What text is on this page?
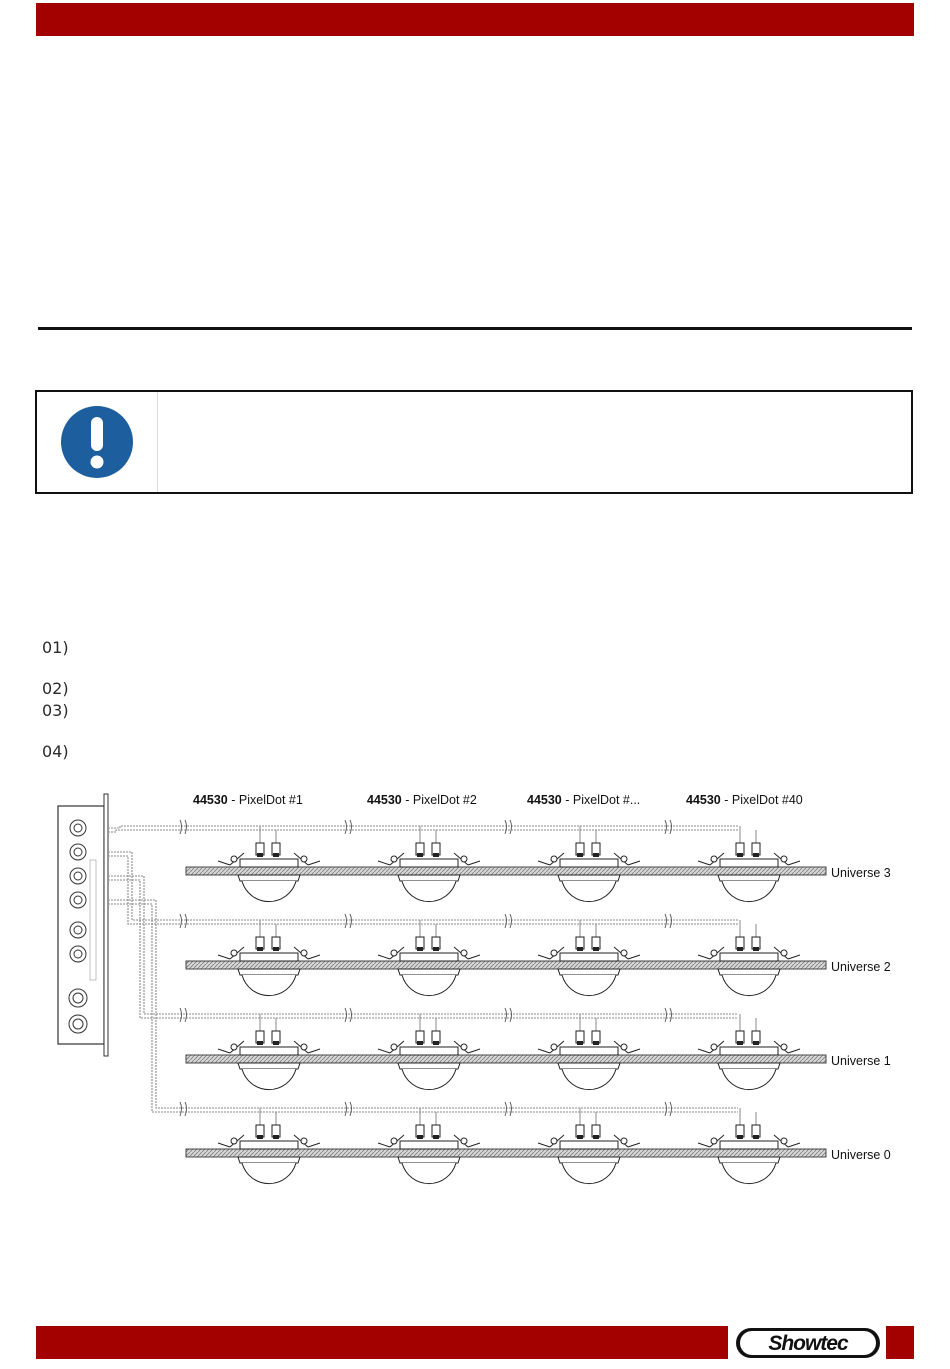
01)
02)
03)
04)
44530 - PixelDot #1	44530 - PixelDot #2	44530 - PixelDot #...	44530 - PixelDot #40
Universe 3
Universe 2
Universe 1
Universe 0
Showtec
